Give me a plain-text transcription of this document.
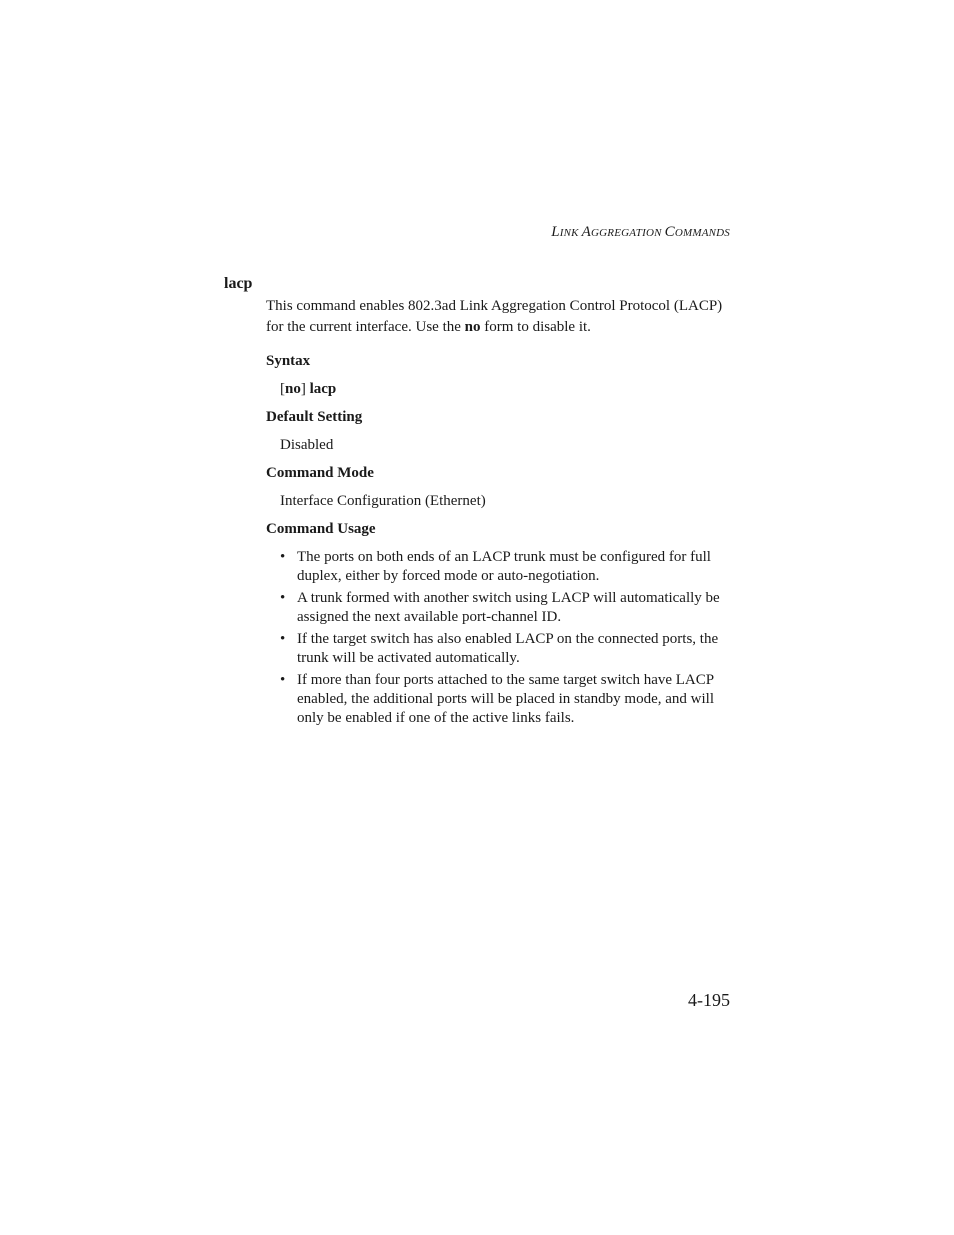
LINK AGGREGATION COMMANDS
lacp
This command enables 802.3ad Link Aggregation Control Protocol (LACP) for the current interface. Use the no form to disable it.
Syntax
[no] lacp
Default Setting
Disabled
Command Mode
Interface Configuration (Ethernet)
Command Usage
• The ports on both ends of an LACP trunk must be configured for full duplex, either by forced mode or auto-negotiation.
• A trunk formed with another switch using LACP will automatically be assigned the next available port-channel ID.
• If the target switch has also enabled LACP on the connected ports, the trunk will be activated automatically.
• If more than four ports attached to the same target switch have LACP enabled, the additional ports will be placed in standby mode, and will only be enabled if one of the active links fails.
4-195
